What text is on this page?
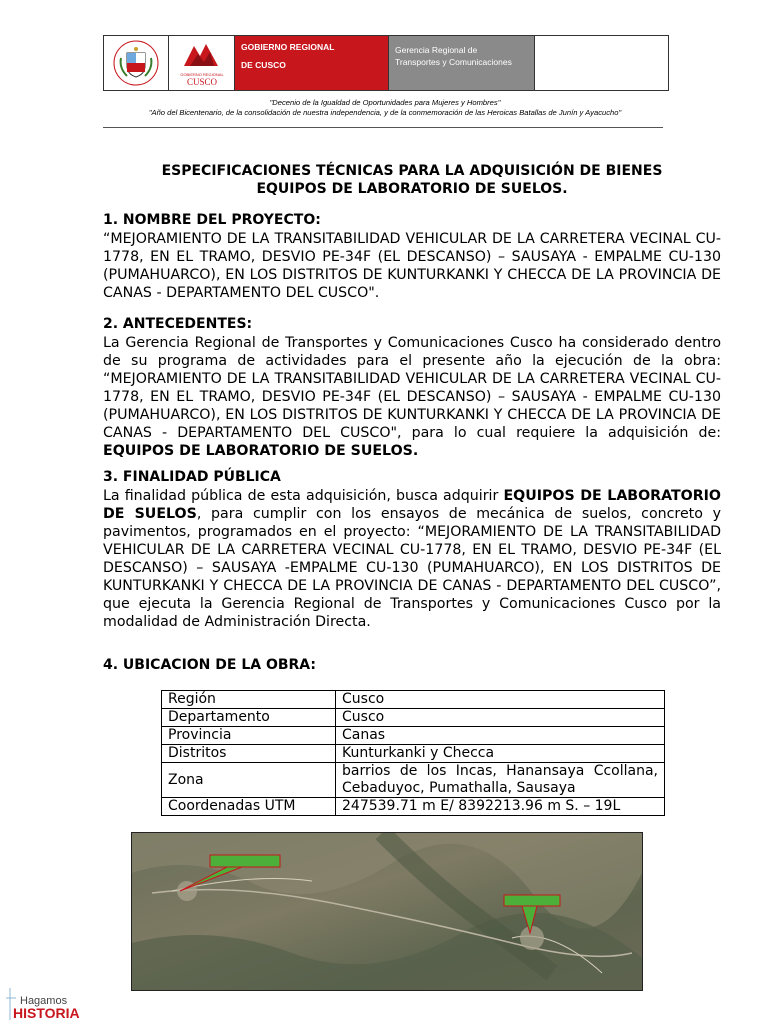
GOBIERNO REGIONAL
CUSCO
GOBIERNO REGIONAL
DE CUSCO
Gerencia Regional de
Transportes y Comunicaciones
"Decenio de la Igualdad de Oportunidades para Mujeres y Hombres"
"Año del Bicentenario, de la consolidación de nuestra independencia, y de la conmemoración de las Heroicas Batallas de Junín y Ayacucho"
ESPECIFICACIONES TÉCNICAS PARA LA ADQUISICIÓN DE BIENES
EQUIPOS DE LABORATORIO DE SUELOS.
1. NOMBRE DEL PROYECTO:
“MEJORAMIENTO DE LA TRANSITABILIDAD VEHICULAR DE LA CARRETERA VECINAL CU-1778, EN EL TRAMO, DESVIO PE-34F (EL DESCANSO) – SAUSAYA - EMPALME CU-130 (PUMAHUARCO), EN LOS DISTRITOS DE KUNTURKANKI Y CHECCA DE LA PROVINCIA DE CANAS - DEPARTAMENTO DEL CUSCO".
2. ANTECEDENTES:
La Gerencia Regional de Transportes y Comunicaciones Cusco ha considerado dentro de su programa de actividades para el presente año la ejecución de la obra: “MEJORAMIENTO DE LA TRANSITABILIDAD VEHICULAR DE LA CARRETERA VECINAL CU-1778, EN EL TRAMO, DESVIO PE-34F (EL DESCANSO) – SAUSAYA - EMPALME CU-130 (PUMAHUARCO), EN LOS DISTRITOS DE KUNTURKANKI Y CHECCA DE LA PROVINCIA DE CANAS - DEPARTAMENTO DEL CUSCO", para lo cual requiere la adquisición de: EQUIPOS DE LABORATORIO DE SUELOS.
3. FINALIDAD PÚBLICA
La finalidad pública de esta adquisición, busca adquirir EQUIPOS DE LABORATORIO DE SUELOS, para cumplir con los ensayos de mecánica de suelos, concreto y pavimentos, programados en el proyecto: “MEJORAMIENTO DE LA TRANSITABILIDAD VEHICULAR DE LA CARRETERA VECINAL CU-1778, EN EL TRAMO, DESVIO PE-34F (EL DESCANSO) – SAUSAYA -EMPALME CU-130 (PUMAHUARCO), EN LOS DISTRITOS DE KUNTURKANKI Y CHECCA DE LA PROVINCIA DE CANAS - DEPARTAMENTO DEL CUSCO”, que ejecuta la Gerencia Regional de Transportes y Comunicaciones Cusco por la modalidad de Administración Directa.
4. UBICACION DE LA OBRA:
Región	Cusco
Departamento	Cusco
Provincia	Canas
Distritos	Kunturkanki y Checca
Zona	barrios de los Incas, Hanansaya Ccollana, Cebaduyoc, Pumathalla, Sausaya
Coordenadas UTM	247539.71 m E/ 8392213.96 m S. – 19L
Hagamos
HISTORIA
